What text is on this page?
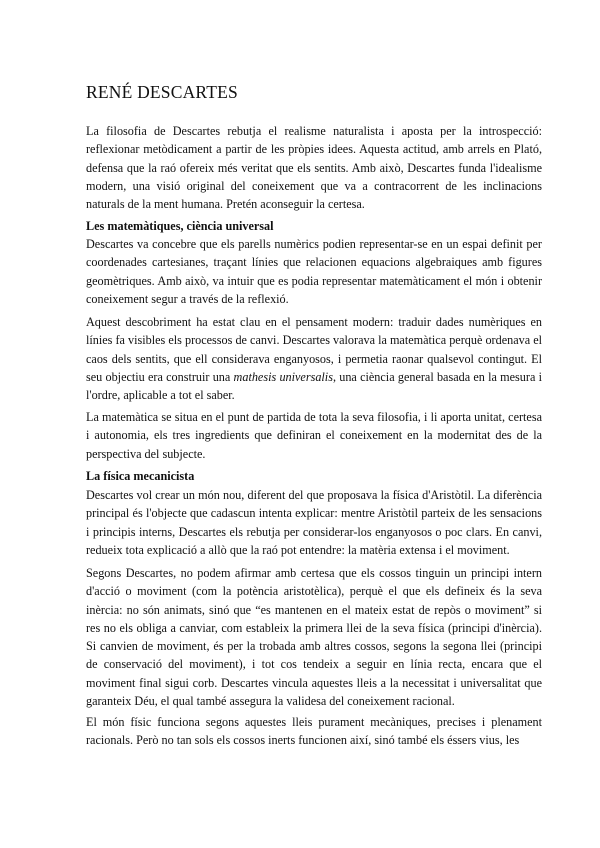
RENÉ DESCARTES

La filosofia de Descartes rebutja el realisme naturalista i aposta per la introspecció: reflexionar metòdicament a partir de les pròpies idees. Aquesta actitud, amb arrels en Plató, defensa que la raó ofereix més veritat que els sentits. Amb això, Descartes funda l'idealisme modern, una visió original del coneixement que va a contracorrent de les inclinacions naturals de la ment humana. Pretén aconseguir la certesa.

Les matemàtiques, ciència universal

Descartes va concebre que els parells numèrics podien representar-se en un espai definit per coordenades cartesianes, traçant línies que relacionen equacions algebraiques amb figures geomètriques. Amb això, va intuir que es podia representar matemàticament el món i obtenir coneixement segur a través de la reflexió.

Aquest descobriment ha estat clau en el pensament modern: traduir dades numèriques en línies fa visibles els processos de canvi. Descartes valorava la matemàtica perquè ordenava el caos dels sentits, que ell considerava enganyosos, i permetia raonar qualsevol contingut. El seu objectiu era construir una mathesis universalis, una ciència general basada en la mesura i l'ordre, aplicable a tot el saber.

La matemàtica se situa en el punt de partida de tota la seva filosofia, i li aporta unitat, certesa i autonomia, els tres ingredients que definiran el coneixement en la modernitat des de la perspectiva del subjecte.

La física mecanicista

Descartes vol crear un món nou, diferent del que proposava la física d'Aristòtil. La diferència principal és l'objecte que cadascun intenta explicar: mentre Aristòtil parteix de les sensacions i principis interns, Descartes els rebutja per considerar-los enganyosos o poc clars. En canvi, redueix tota explicació a allò que la raó pot entendre: la matèria extensa i el moviment.

Segons Descartes, no podem afirmar amb certesa que els cossos tinguin un principi intern d'acció o moviment (com la potència aristotèlica), perquè el que els defineix és la seva inèrcia: no són animats, sinó que “es mantenen en el mateix estat de repòs o moviment” si res no els obliga a canviar, com estableix la primera llei de la seva física (principi d'inèrcia). Si canvien de moviment, és per la trobada amb altres cossos, segons la segona llei (principi de conservació del moviment), i tot cos tendeix a seguir en línia recta, encara que el moviment final sigui corb. Descartes vincula aquestes lleis a la necessitat i universalitat que garanteix Déu, el qual també assegura la validesa del coneixement racional.

El món físic funciona segons aquestes lleis purament mecàniques, precises i plenament racionals. Però no tan sols els cossos inerts funcionen així, sinó també els éssers vius, les
